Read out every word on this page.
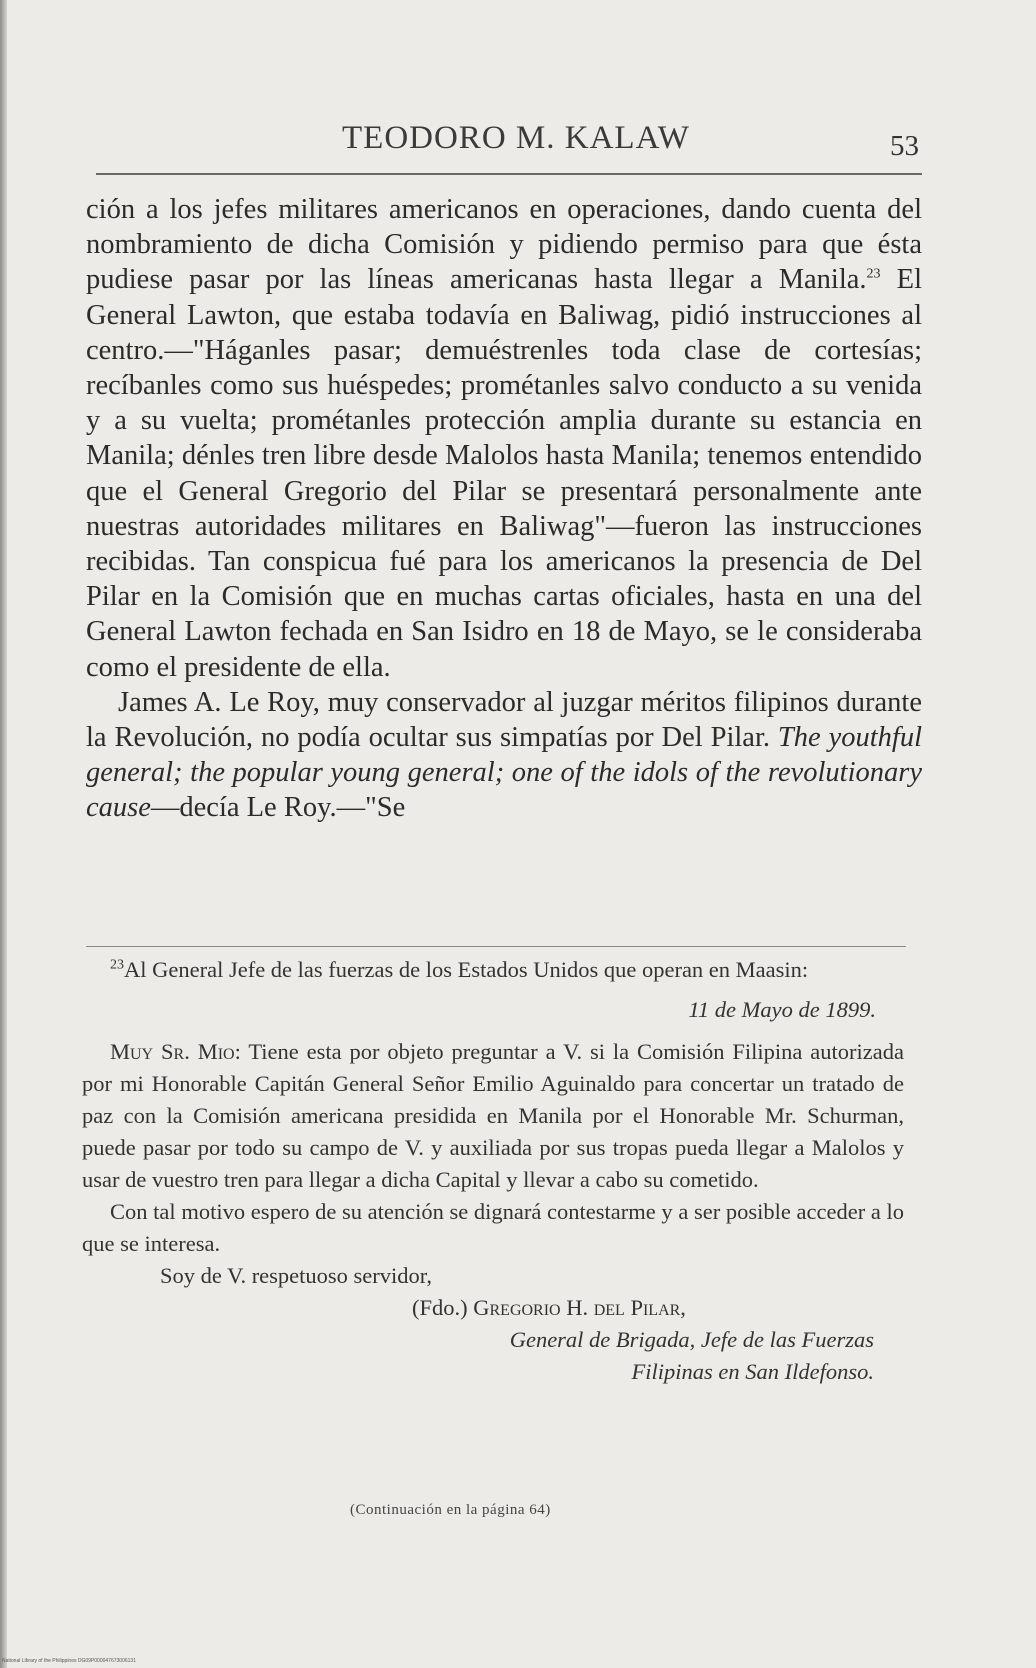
TEODORO M. KALAW	53

ción a los jefes militares americanos en operaciones, dando cuenta del nombramiento de dicha Comisión y pidiendo permiso para que ésta pudiese pasar por las líneas americanas hasta llegar a Manila.$^{23}$ El General Lawton, que estaba todavía en Baliwag, pidió instrucciones al centro.—"Háganles pasar; demuéstrenles toda clase de cortesías; recíbanles como sus huéspedes; prométanles salvo conducto a su venida y a su vuelta; prométanles protección amplia durante su estancia en Manila; dénles tren libre desde Malolos hasta Manila; tenemos entendido que el General Gregorio del Pilar se presentará personalmente ante nuestras autoridades militares en Baliwag"—fueron las instrucciones recibidas. Tan conspicua fué para los americanos la presencia de Del Pilar en la Comisión que en muchas cartas oficiales, hasta en una del General Lawton fechada en San Isidro en 18 de Mayo, se le consideraba como el presidente de ella.

James A. Le Roy, muy conservador al juzgar méritos filipinos durante la Revolución, no podía ocultar sus simpatías por Del Pilar. The youthful general; the popular young general; one of the idols of the revolutionary cause—decía Le Roy.—"Se

$^{23}$Al General Jefe de las fuerzas de los Estados Unidos que operan en Maasin:

11 de Mayo de 1899.

Muy Sr. Mio: Tiene esta por objeto preguntar a V. si la Comisión Filipina autorizada por mi Honorable Capitán General Señor Emilio Aguinaldo para concertar un tratado de paz con la Comisión americana presidida en Manila por el Honorable Mr. Schurman, puede pasar por todo su campo de V. y auxiliada por sus tropas pueda llegar a Malolos y usar de vuestro tren para llegar a dicha Capital y llevar a cabo su cometido.

Con tal motivo espero de su atención se dignará contestarme y a ser posible acceder a lo que se interesa.

Soy de V. respetuoso servidor,

(Fdo.) Gregorio H. del Pilar,

General de Brigada, Jefe de las Fuerzas

Filipinas en San Ildefonso.

(Continuación en la página 64)
National Library of the Philippines DG09P000047673006131
